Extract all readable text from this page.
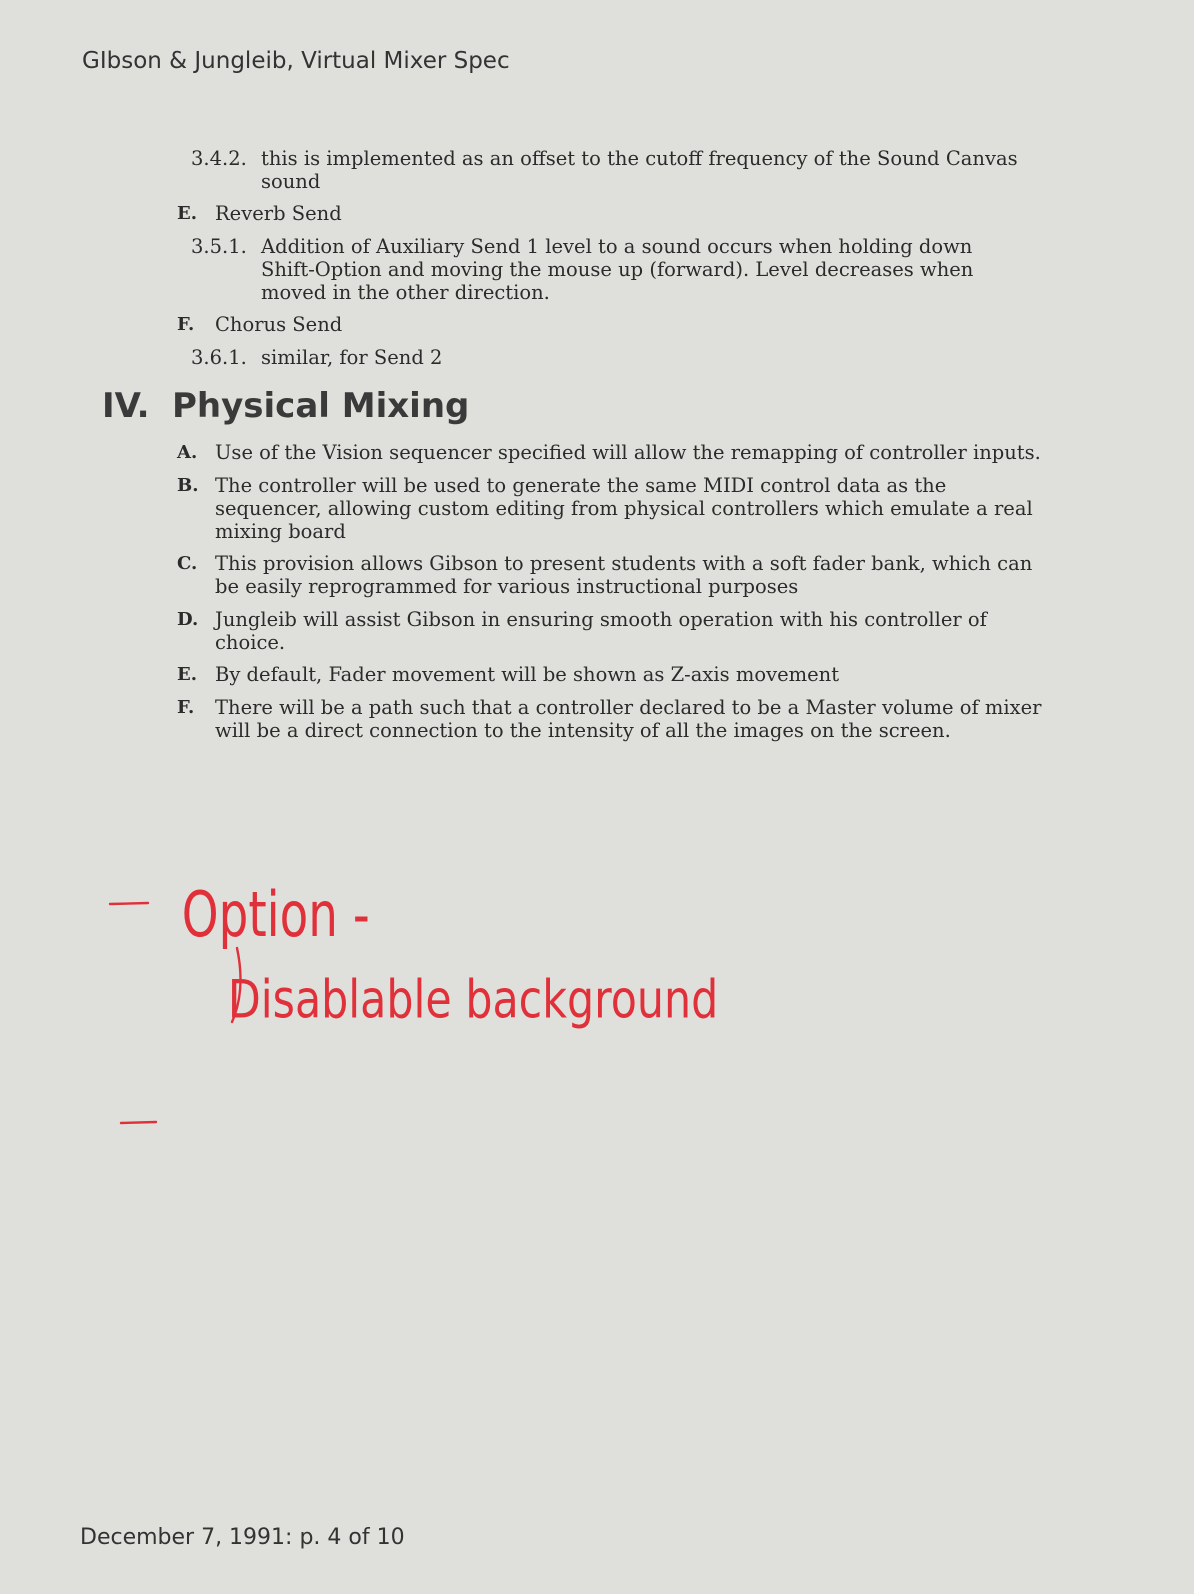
GIbson & Jungleib, Virtual Mixer Spec
3.4.2. this is implemented as an offset to the cutoff frequency of the Sound Canvas sound
E. Reverb Send
3.5.1. Addition of Auxiliary Send 1 level to a sound occurs when holding down Shift-Option and moving the mouse up (forward). Level decreases when moved in the other direction.
F.	Chorus Send
3.6.1. similar, for Send 2
IV. Physical Mixing
A. Use of the Vision sequencer specified will allow the remapping of controller inputs.
B. The controller will be used to generate the same MIDI control data as the sequencer, allowing custom editing from physical controllers which emulate a real mixing board
C. This provision allows Gibson to present students with a soft fader bank, which can be easily reprogrammed for various instructional purposes
D. Jungleib will assist Gibson in ensuring smooth operation with his controller of choice.
E. By default, Fader movement will be shown as Z-axis movement
F.	There will be a path such that a controller declared to be a Master volume of mixer will be a direct connection to the intensity of all the images on the screen.
Option -
Disablable background
December 7, 1991: p. 4 of 10
